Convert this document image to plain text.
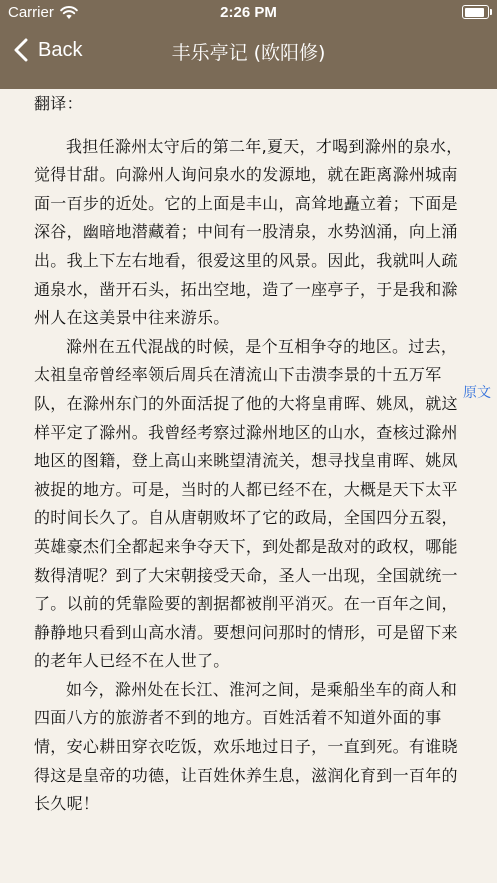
Carrier	2:26 PM
Back	丰乐亭记 (欧阳修)

翻译：

我担任滁州太守后的第二年,夏天，才喝到滁州的泉水，觉得甘甜。向滁州人询问泉水的发源地，就在距离滁州城南面一百步的近处。它的上面是丰山，高耸地矗立着；下面是深谷，幽暗地潜藏着；中间有一股清泉，水势汹涌，向上涌出。我上下左右地看，很爱这里的风景。因此，我就叫人疏通泉水，凿开石头，拓出空地，造了一座亭子，于是我和滁州人在这美景中往来游乐。

滁州在五代混战的时候，是个互相争夺的地区。过去，太祖皇帝曾经率领后周兵在清流山下击溃李景的十五万军队，在滁州东门的外面活捉了他的大将皇甫晖、姚凤，就这样平定了滁州。我曾经考察过滁州地区的山水，查核过滁州地区的图籍，登上高山来眺望清流关，想寻找皇甫晖、姚凤被捉的地方。可是，当时的人都已经不在，大概是天下太平的时间长久了。自从唐朝败坏了它的政局，全国四分五裂，英雄豪杰们全都起来争夺天下，到处都是敌对的政权，哪能数得清呢？到了大宋朝接受天命，圣人一出现，全国就统一了。以前的凭靠险要的割据都被削平消灭。在一百年之间，静静地只看到山高水清。要想问问那时的情形，可是留下来的老年人已经不在人世了。

如今，滁州处在长江、淮河之间，是乘船坐车的商人和四面八方的旅游者不到的地方。百姓活着不知道外面的事情，安心耕田穿衣吃饭，欢乐地过日子，一直到死。有谁晓得这是皇帝的功德，让百姓休养生息，滋润化育到一百年的长久呢！

原文
